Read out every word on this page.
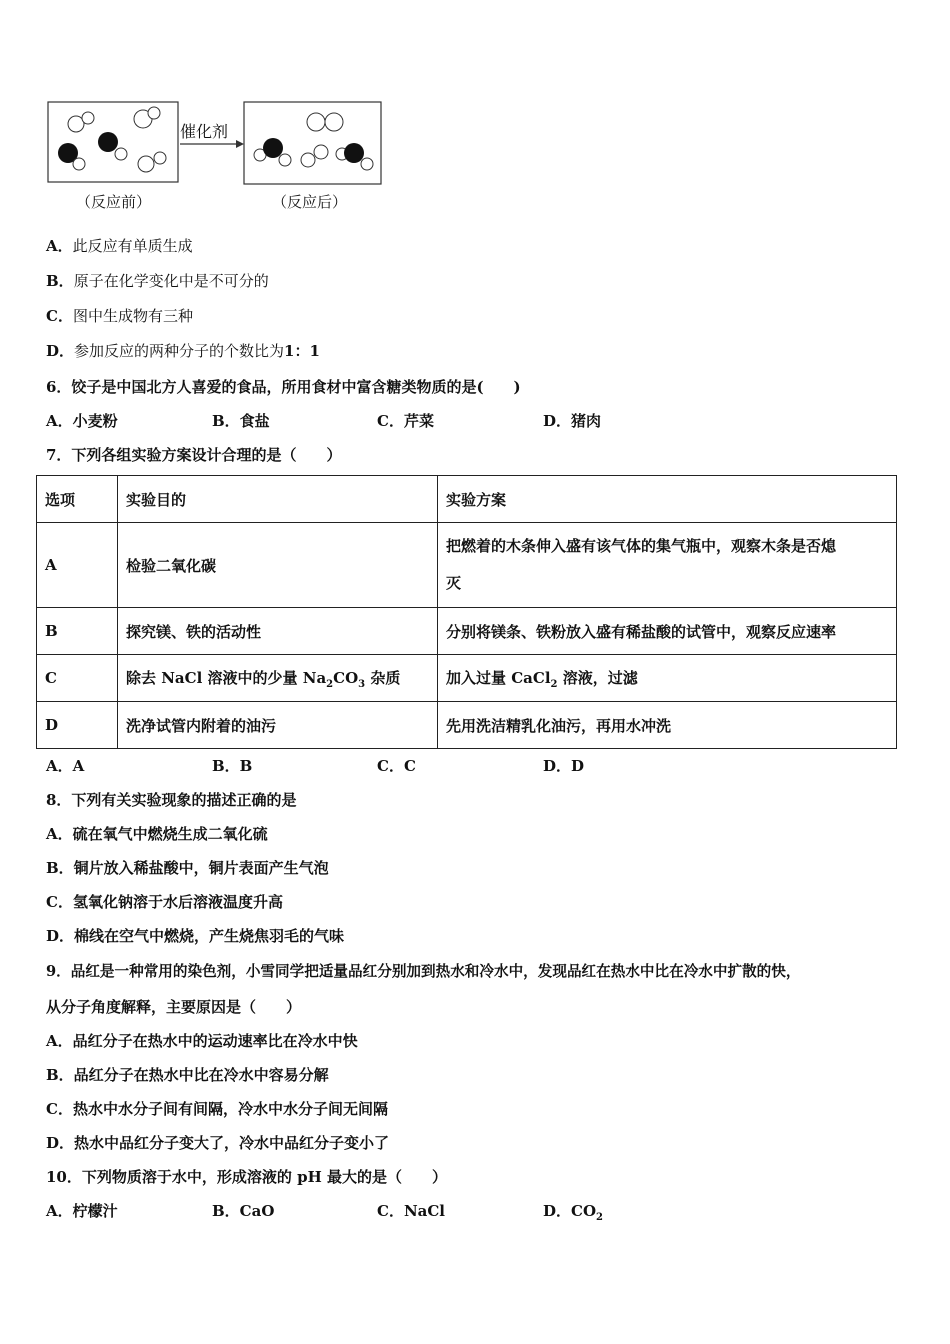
催化剂
（反应前）	（反应后）
A．此反应有单质生成
B．原子在化学变化中是不可分的
C．图中生成物有三种
D．参加反应的两种分子的个数比为1：1
6．饺子是中国北方人喜爱的食品，所用食材中富含糖类物质的是(　　)
A．小麦粉	B．食盐	C．芹菜	D．猪肉
7．下列各组实验方案设计合理的是（　　）
选项	实验目的	实验方案
A	检验二氧化碳	把燃着的木条伸入盛有该气体的集气瓶中，观察木条是否熄
灭
B	探究镁、铁的活动性	分别将镁条、铁粉放入盛有稀盐酸的试管中，观察反应速率
C	除去 NaCl 溶液中的少量 $Na_2CO_3$ 杂质	加入过量 CaCl$_2$ 溶液，过滤
D	洗净试管内附着的油污	先用洗洁精乳化油污，再用水冲洗
A．A	B．B	C．C	D．D
8．下列有关实验现象的描述正确的是
A．硫在氧气中燃烧生成二氧化硫
B．铜片放入稀盐酸中，铜片表面产生气泡
C．氢氧化钠溶于水后溶液温度升高
D．棉线在空气中燃烧，产生烧焦羽毛的气味
9．品红是一种常用的染色剂，小雪同学把适量品红分别加到热水和冷水中，发现品红在热水中比在冷水中扩散的快，
从分子角度解释，主要原因是（　　）
A．品红分子在热水中的运动速率比在冷水中快
B．品红分子在热水中比在冷水中容易分解
C．热水中水分子间有间隔，冷水中水分子间无间隔
D．热水中品红分子变大了，冷水中品红分子变小了
10．下列物质溶于水中，形成溶液的 pH 最大的是（　　）
A．柠檬汁	B．CaO	C．NaCl	D．$CO_2$
